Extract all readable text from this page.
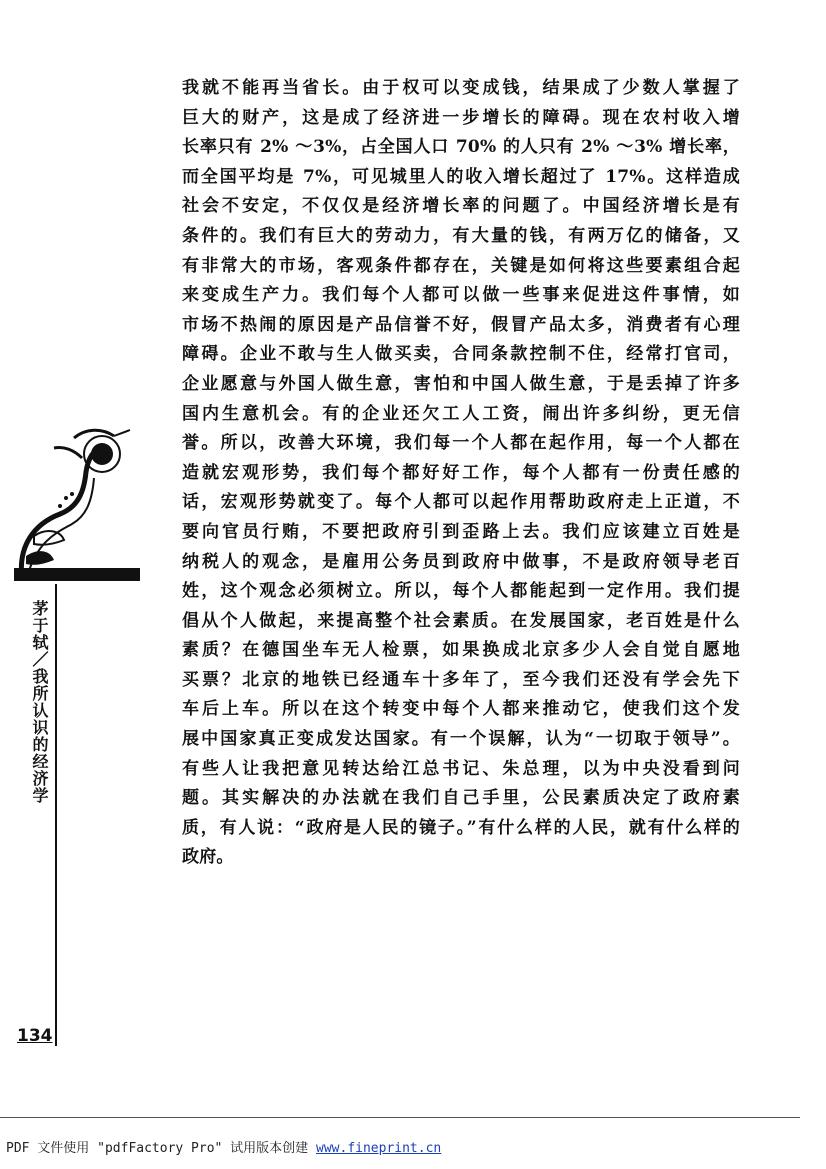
茅于轼／我所认识的经济学
我就不能再当省长。由于权可以变成钱，结果成了少数人掌握了
巨大的财产，这是成了经济进一步增长的障碍。现在农村收入增
长率只有 2% ～3%，占全国人口 70% 的人只有 2% ～3% 增长率，
而全国平均是 7%，可见城里人的收入增长超过了 17%。这样造成
社会不安定，不仅仅是经济增长率的问题了。中国经济增长是有
条件的。我们有巨大的劳动力，有大量的钱，有两万亿的储备，又
有非常大的市场，客观条件都存在，关键是如何将这些要素组合起
来变成生产力。我们每个人都可以做一些事来促进这件事情，如
市场不热闹的原因是产品信誉不好，假冒产品太多，消费者有心理
障碍。企业不敢与生人做买卖，合同条款控制不住，经常打官司，
企业愿意与外国人做生意，害怕和中国人做生意，于是丢掉了许多
国内生意机会。有的企业还欠工人工资，闹出许多纠纷，更无信
誉。所以，改善大环境，我们每一个人都在起作用，每一个人都在
造就宏观形势，我们每个都好好工作，每个人都有一份责任感的
话，宏观形势就变了。每个人都可以起作用帮助政府走上正道，不
要向官员行贿，不要把政府引到歪路上去。我们应该建立百姓是
纳税人的观念，是雇用公务员到政府中做事，不是政府领导老百
姓，这个观念必须树立。所以，每个人都能起到一定作用。我们提
倡从个人做起，来提高整个社会素质。在发展国家，老百姓是什么
素质？在德国坐车无人检票，如果换成北京多少人会自觉自愿地
买票？北京的地铁已经通车十多年了，至今我们还没有学会先下
车后上车。所以在这个转变中每个人都来推动它，使我们这个发
展中国家真正变成发达国家。有一个误解，认为“一切取于领导”。
有些人让我把意见转达给江总书记、朱总理，以为中央没看到问
题。其实解决的办法就在我们自己手里，公民素质决定了政府素
质，有人说：“政府是人民的镜子。”有什么样的人民，就有什么样的
政府。
134
PDF 文件使用 "pdfFactory Pro" 试用版本创建 www.fineprint.cn
